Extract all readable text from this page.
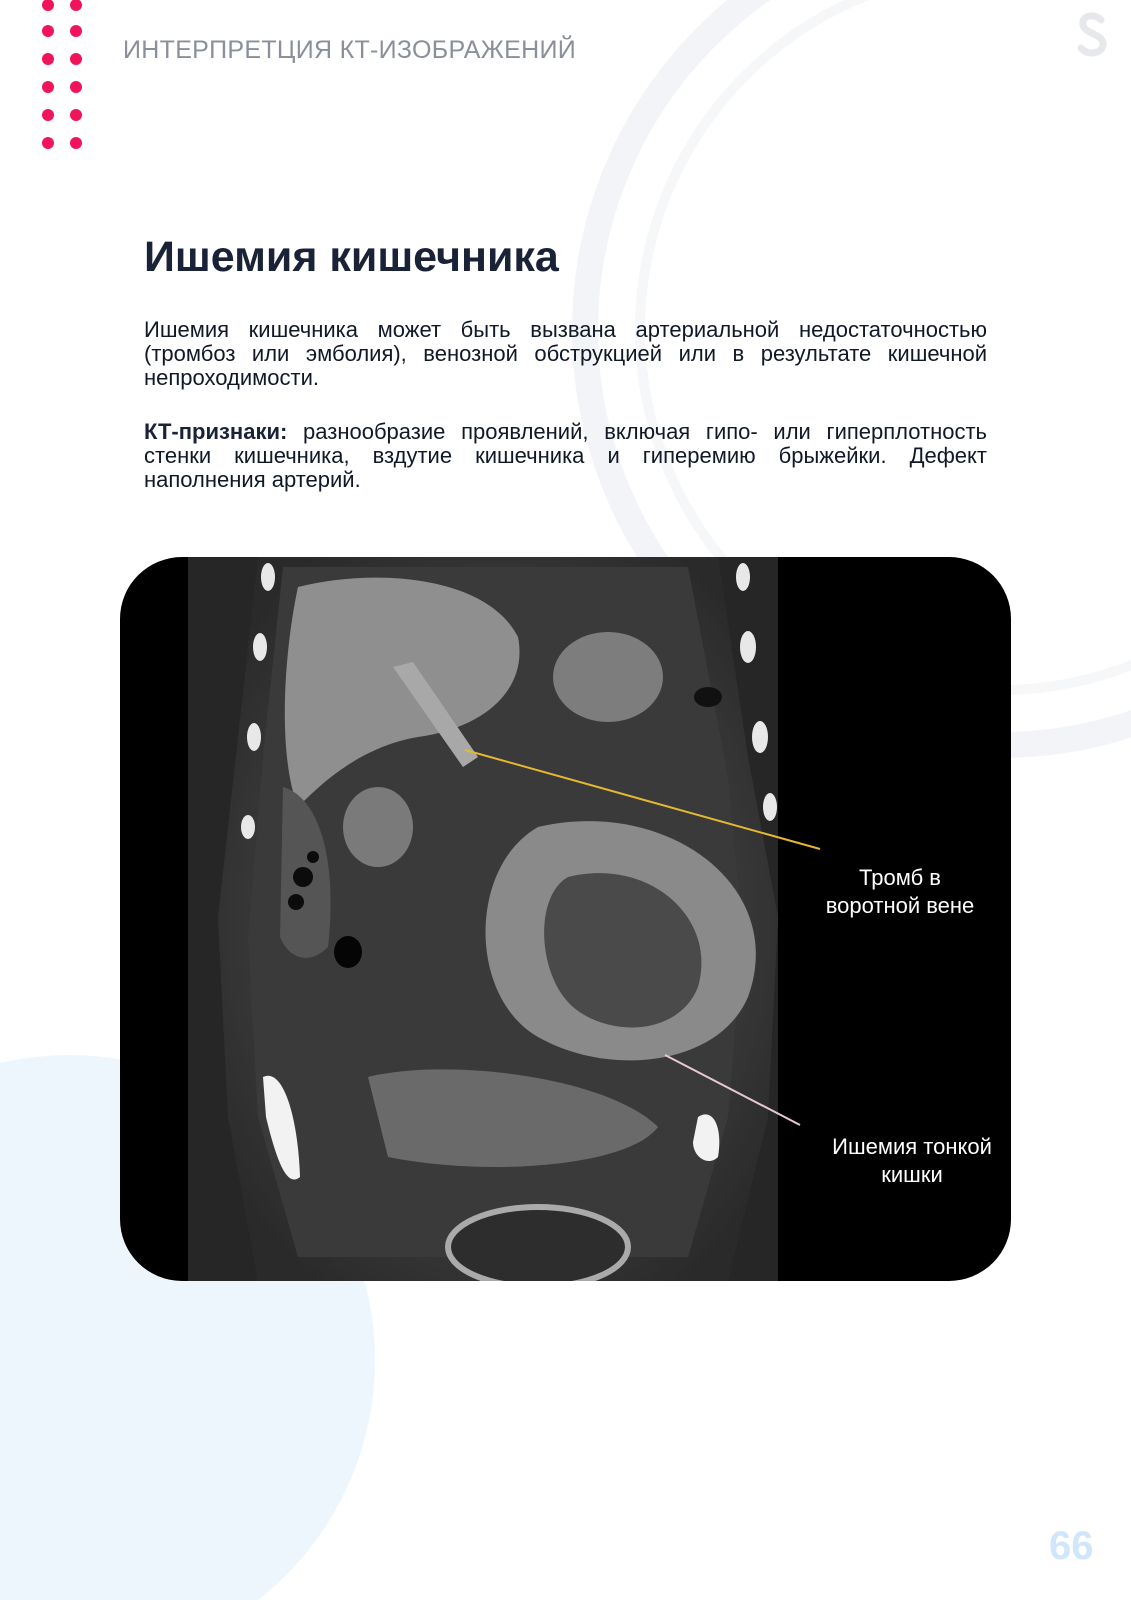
ИНТЕРПРЕТЦИЯ КТ-ИЗОБРАЖЕНИЙ
Ишемия кишечника

Ишемия кишечника может быть вызвана артериальной недостаточностью (тромбоз или эмболия), венозной обструкцией или в результате кишечной непроходимости.

КТ-признаки: разнообразие проявлений, включая гипо- или гиперплотность стенки кишечника, вздутие кишечника и гиперемию брыжейки. Дефект наполнения артерий.

Тромб в
воротной вене
Ишемия тонкой
кишки
66
